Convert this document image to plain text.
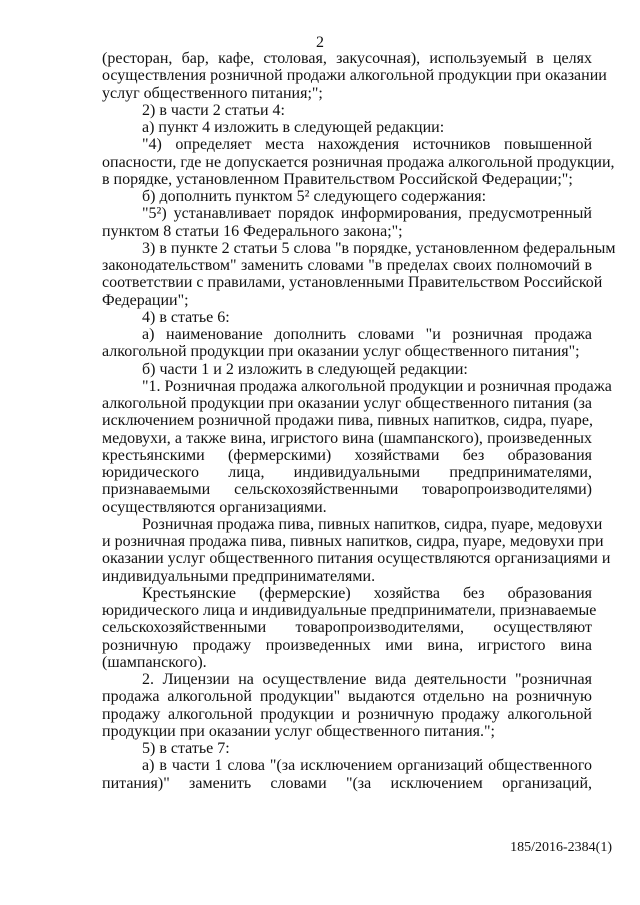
2
(ресторан, бар, кафе, столовая, закусочная), используемый в целях
осуществления розничной продажи алкогольной продукции при оказании
услуг общественного питания;";
2) в части 2 статьи 4:
а) пункт 4 изложить в следующей редакции:
"4) определяет места нахождения источников повышенной
опасности, где не допускается розничная продажа алкогольной продукции,
в порядке, установленном Правительством Российской Федерации;";
б) дополнить пунктом 5² следующего содержания:
"5²) устанавливает порядок информирования, предусмотренный
пунктом 8 статьи 16 Федерального закона;";
3) в пункте 2 статьи 5 слова "в порядке, установленном федеральным
законодательством" заменить словами "в пределах своих полномочий в
соответствии с правилами, установленными Правительством Российской
Федерации";
4) в статье 6:
а) наименование дополнить словами "и розничная продажа
алкогольной продукции при оказании услуг общественного питания";
б) части 1 и 2 изложить в следующей редакции:
"1. Розничная продажа алкогольной продукции и розничная продажа
алкогольной продукции при оказании услуг общественного питания (за
исключением розничной продажи пива, пивных напитков, сидра, пуаре,
медовухи, а также вина, игристого вина (шампанского), произведенных
крестьянскими (фермерскими) хозяйствами без образования
юридического лица, индивидуальными предпринимателями,
признаваемыми сельскохозяйственными товаропроизводителями)
осуществляются организациями.
Розничная продажа пива, пивных напитков, сидра, пуаре, медовухи
и розничная продажа пива, пивных напитков, сидра, пуаре, медовухи при
оказании услуг общественного питания осуществляются организациями и
индивидуальными предпринимателями.
Крестьянские (фермерские) хозяйства без образования
юридического лица и индивидуальные предприниматели, признаваемые
сельскохозяйственными товаропроизводителями, осуществляют
розничную продажу произведенных ими вина, игристого вина
(шампанского).
2. Лицензии на осуществление вида деятельности "розничная
продажа алкогольной продукции" выдаются отдельно на розничную
продажу алкогольной продукции и розничную продажу алкогольной
продукции при оказании услуг общественного питания.";
5) в статье 7:
а) в части 1 слова "(за исключением организаций общественного
питания)" заменить словами "(за исключением организаций,
185/2016-2384(1)
